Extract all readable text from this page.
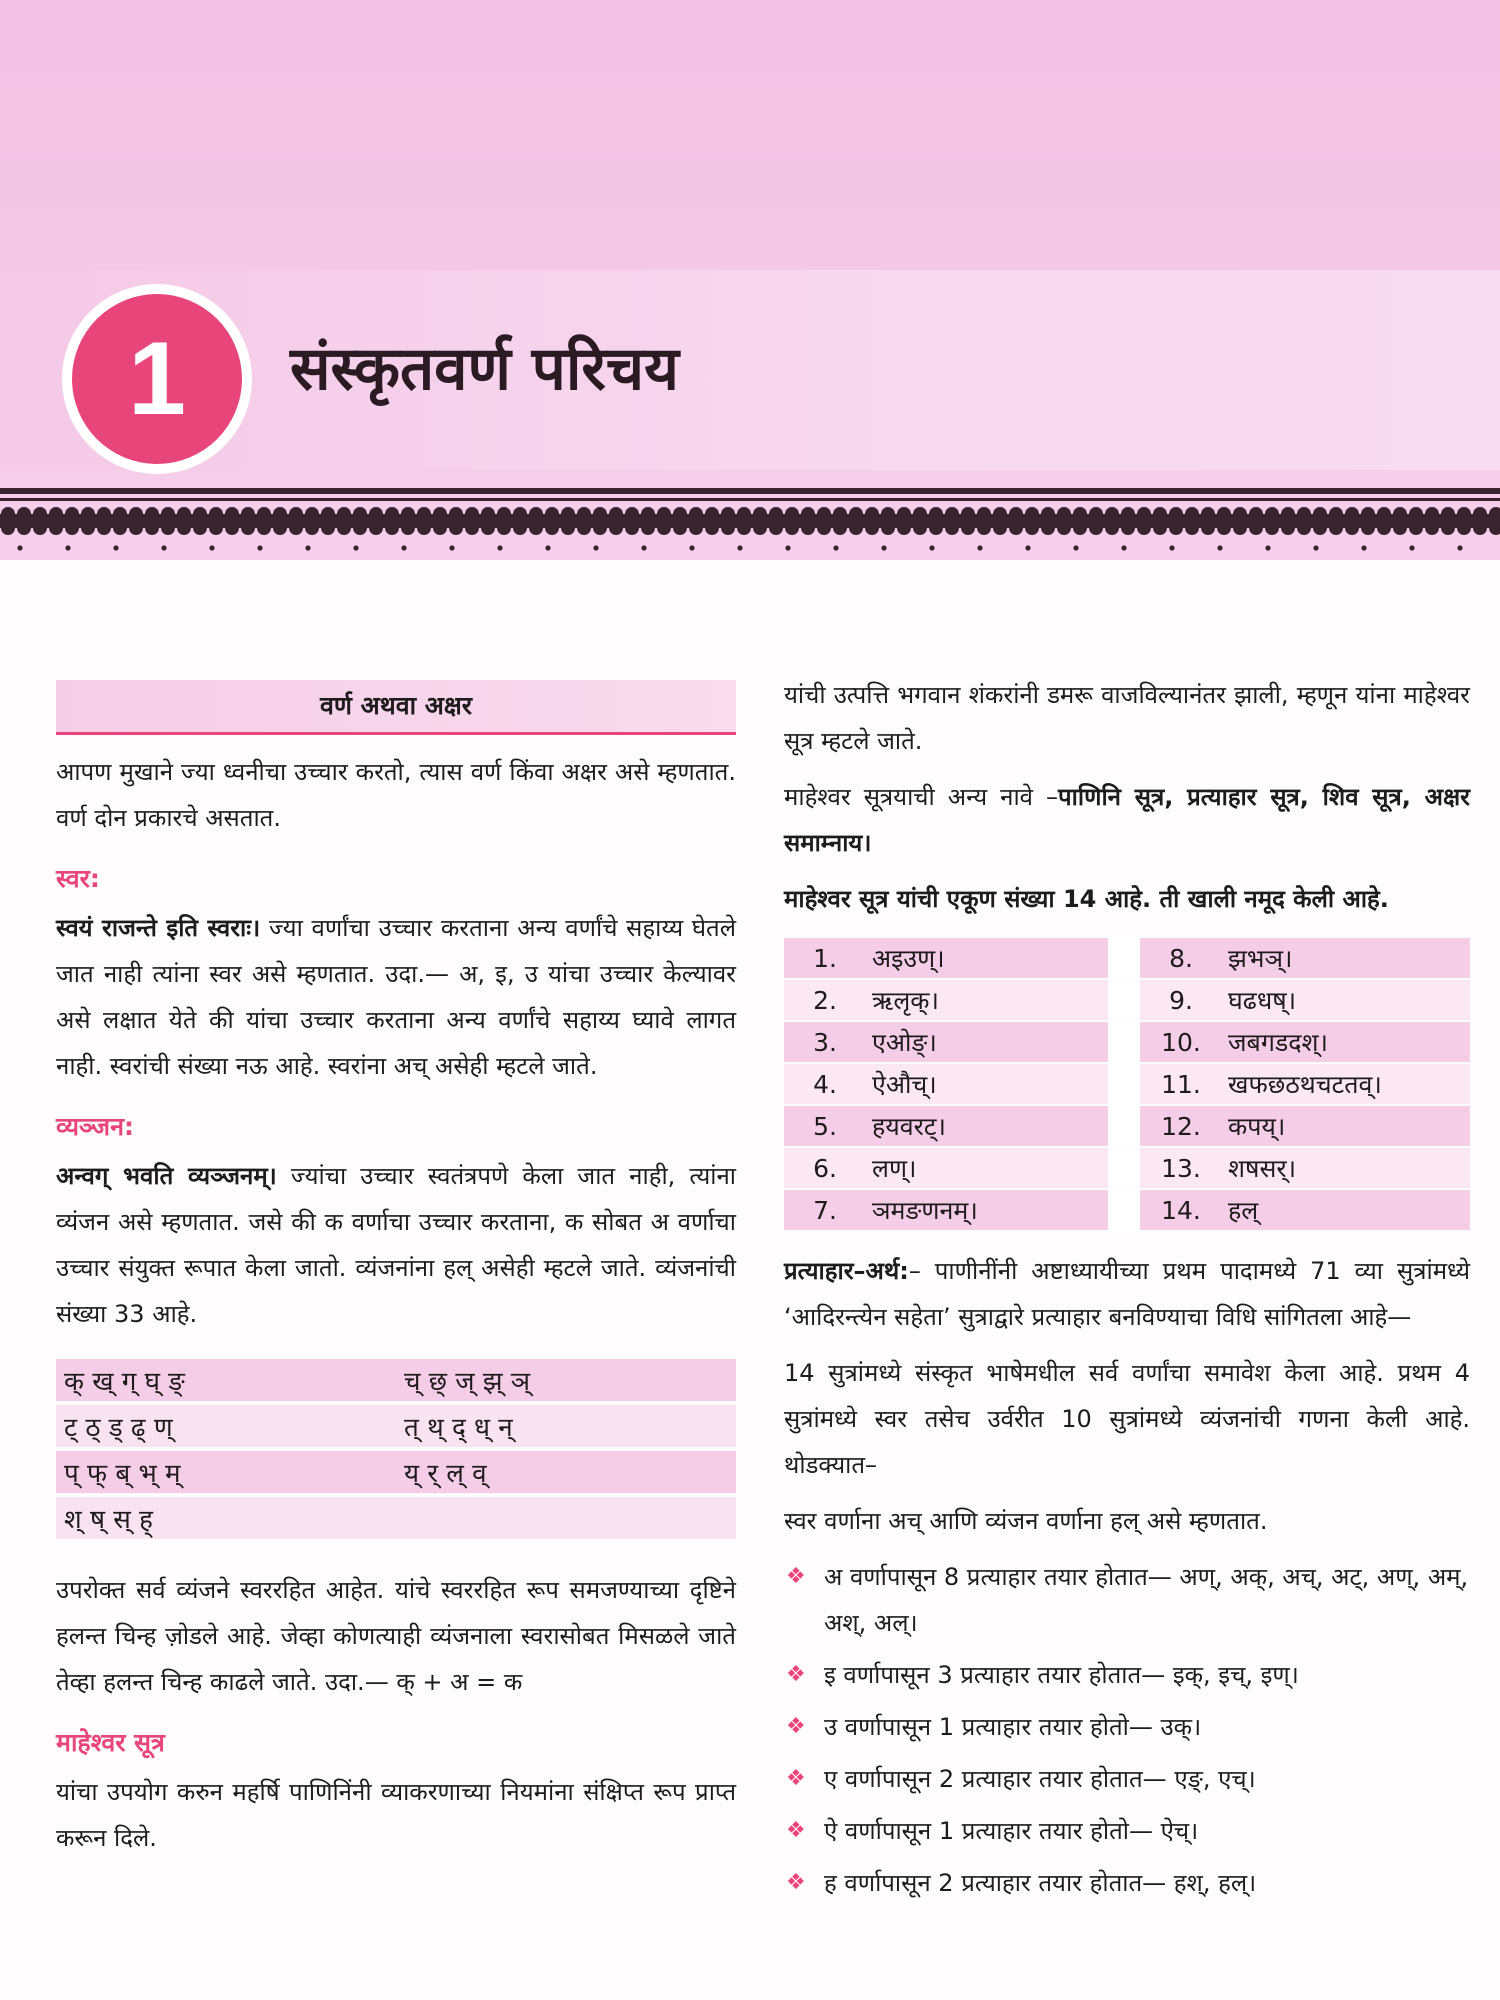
1	संस्कृतवर्ण परिचय
वर्ण अथवा अक्षर

आपण मुखाने ज्या ध्वनीचा उच्चार करतो, त्यास वर्ण किंवा अक्षर असे म्हणतात. वर्ण दोन प्रकारचे असतात.

स्वर:

स्वयं राजन्ते इति स्वराः। ज्या वर्णांचा उच्चार करताना अन्य वर्णांचे सहाय्य घेतले जात नाही त्यांना स्वर असे म्हणतात. उदा.— अ, इ, उ यांचा उच्चार केल्यावर असे लक्षात येते की यांचा उच्चार करताना अन्य वर्णांचे सहाय्य घ्यावे लागत नाही. स्वरांची संख्या नऊ आहे. स्वरांना अच् असेही म्हटले जाते.

व्यञ्जन:

अन्वग् भवति व्यञ्जनम्। ज्यांचा उच्चार स्वतंत्रपणे केला जात नाही, त्यांना व्यंजन असे म्हणतात. जसे की क वर्णाचा उच्चार करताना, क सोबत अ वर्णाचा उच्चार संयुक्त रूपात केला जातो. व्यंजनांना हल् असेही म्हटले जाते. व्यंजनांची संख्या 33 आहे.

क् ख् ग् घ् ङ्	च् छ् ज् झ् ञ्
ट् ठ् ड् ढ् ण्	त् थ् द् ध् न्
प् फ् ब् भ् म्	य् र् ल् व्
श् ष् स् ह्	

उपरोक्त सर्व व्यंजने स्वररहित आहेत. यांचे स्वररहित रूप समजण्याच्या दृष्टिने हलन्त चिन्ह ज़ोडले आहे. जेव्हा कोणत्याही व्यंजनाला स्वरासोबत मिसळले जाते तेव्हा हलन्त चिन्ह काढले जाते. उदा.— क् + अ = क

माहेश्वर सूत्र

यांचा उपयोग करुन महर्षि पाणिनिंनी व्याकरणाच्या नियमांना संक्षिप्त रूप प्राप्त करून दिले.

यांची उत्पत्ति भगवान शंकरांनी डमरू वाजविल्यानंतर झाली, म्हणून यांना माहेश्वर सूत्र म्हटले जाते.

माहेश्वर सूत्रयाची अन्य नावे –पाणिनि सूत्र, प्रत्याहार सूत्र, शिव सूत्र, अक्षर समाम्नाय।

माहेश्वर सूत्र यांची एकूण संख्या 14 आहे. ती खाली नमूद केली आहे.

1.	अइउण्।		8.	झभञ्।
2.	ऋलृक्।		9.	घढधष्।
3.	एओङ्।		10.	जबगडदश्।
4.	ऐऔच्।		11.	खफछठथचटतव्।
5.	हयवरट्।		12.	कपय्।
6.	लण्।		13.	शषसर्।
7.	ञमङणनम्।		14.	हल्

प्रत्याहार–अर्थ:– पाणीनींनी अष्टाध्यायीच्या प्रथम पादामध्ये 71 व्या सुत्रांमध्ये ‘आदिरन्त्येन सहेता’ सुत्राद्वारे प्रत्याहार बनविण्याचा विधि सांगितला आहे—

14 सुत्रांमध्ये संस्कृत भाषेमधील सर्व वर्णांचा समावेश केला आहे. प्रथम 4 सुत्रांमध्ये स्वर तसेच उर्वरीत 10 सुत्रांमध्ये व्यंजनांची गणना केली आहे. थोडक्यात–

स्वर वर्णाना अच् आणि व्यंजन वर्णाना हल् असे म्हणतात.

❖ अ वर्णापासून 8 प्रत्याहार तयार होतात— अण्, अक्, अच्, अट्, अण्, अम्, अश्, अल्।
❖ इ वर्णापासून 3 प्रत्याहार तयार होतात— इक्, इच्, इण्।
❖ उ वर्णापासून 1 प्रत्याहार तयार होतो— उक्।
❖ ए वर्णापासून 2 प्रत्याहार तयार होतात— एङ्, एच्।
❖ ऐ वर्णापासून 1 प्रत्याहार तयार होतो— ऐच्।
❖ ह वर्णापासून 2 प्रत्याहार तयार होतात— हश्, हल्।
